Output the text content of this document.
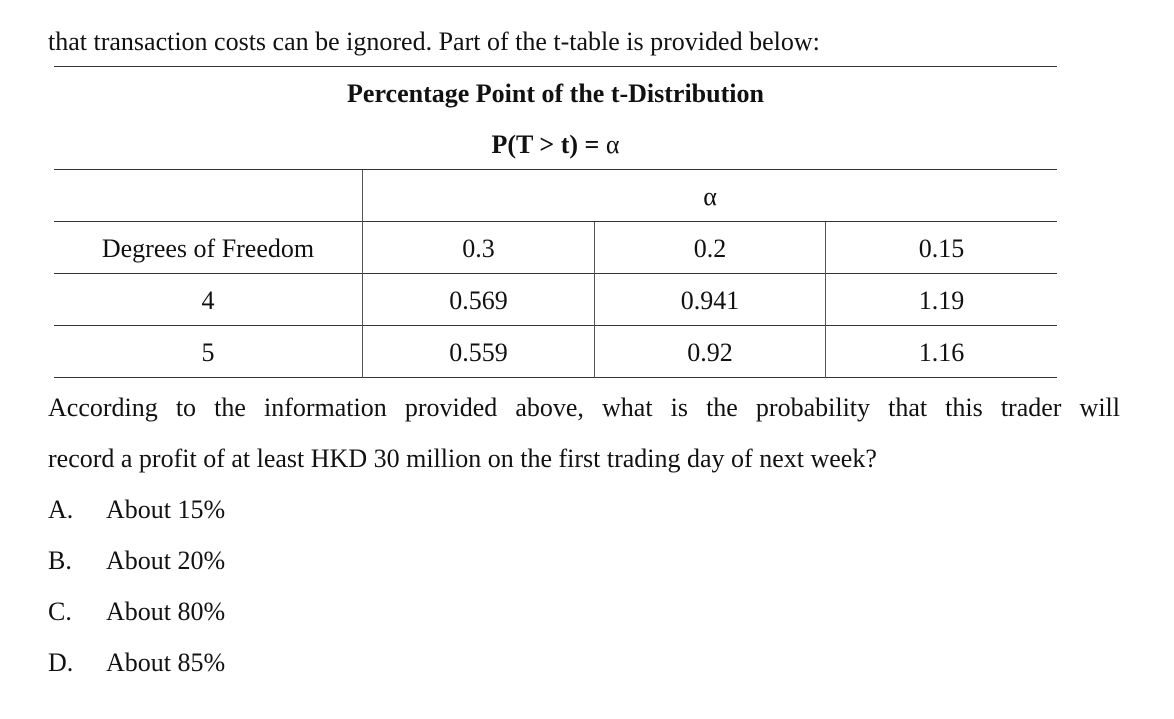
that transaction costs can be ignored. Part of the t-table is provided below:
Percentage Point of the t-Distribution
P(T > t) = α
α
Degrees of Freedom	0.3	0.2	0.15
4	0.569	0.941	1.19
5	0.559	0.92	1.16
According to the information provided above, what is the probability that this trader will
record a profit of at least HKD 30 million on the first trading day of next week?
A. About 15%
B. About 20%
C. About 80%
D. About 85%
